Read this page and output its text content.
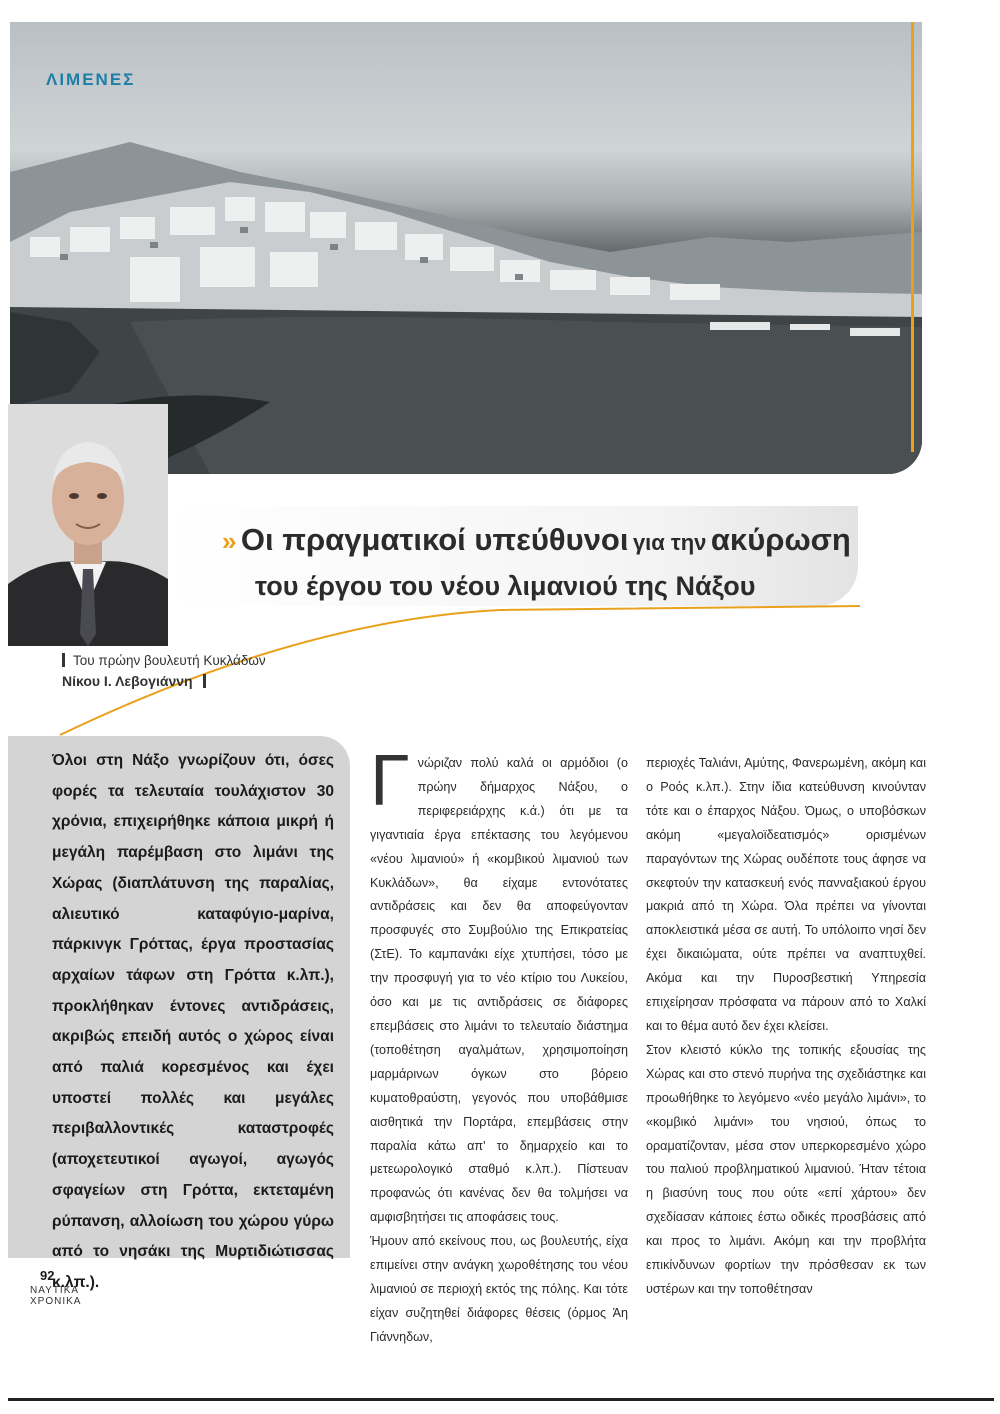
ΛΙΜΕΝΕΣ
» Οι πραγματικοί υπεύθυνοι για την ακύρωση
του έργου του νέου λιμανιού της Νάξου
Του πρώην βουλευτή Κυκλάδων
Νίκου Ι. Λεβογιάννη
Όλοι στη Νάξο γνωρίζουν ότι, όσες φορές τα τελευταία τουλάχιστον 30 χρόνια, επιχειρήθηκε κάποια μικρή ή μεγάλη παρέμβαση στο λιμάνι της Χώρας (διαπλάτυνση της παραλίας, αλιευτικό καταφύγιο-μαρίνα, πάρκινγκ Γρόττας, έργα προστασίας αρχαίων τάφων στη Γρόττα κ.λπ.), προκλήθηκαν έντονες αντιδράσεις, ακριβώς επειδή αυτός ο χώρος είναι από παλιά κορεσμένος και έχει υποστεί πολλές και μεγάλες περιβαλλοντικές καταστροφές (αποχετευτικοί αγωγοί, αγωγός σφαγείων στη Γρόττα, εκτεταμένη ρύπανση, αλλοίωση του χώρου γύρω από το νησάκι της Μυρτιδιώτισσας κ.λπ.).
Γ νώριζαν πολύ καλά οι αρμόδιοι (ο πρώην δήμαρχος Νάξου, ο περιφερειάρχης κ.ά.) ότι με τα γιγαντιαία έργα επέκτασης του λεγόμενου «νέου λιμανιού» ή «κομβικού λιμανιού των Κυκλάδων», θα είχαμε εντονότατες αντιδράσεις και δεν θα αποφεύγονταν προσφυγές στο Συμβούλιο της Επικρατείας (ΣτΕ). Το καμπανάκι είχε χτυπήσει, τόσο με την προσφυγή για το νέο κτίριο του Λυκείου, όσο και με τις αντιδράσεις σε διάφορες επεμβάσεις στο λιμάνι το τελευταίο διάστημα (τοποθέτηση αγαλμάτων, χρησιμοποίηση μαρμάρινων όγκων στο βόρειο κυματοθραύστη, γεγονός που υποβάθμισε αισθητικά την Πορτάρα, επεμβάσεις στην παραλία κάτω απ' το δημαρχείο και το μετεωρολογικό σταθμό κ.λπ.). Πίστευαν προφανώς ότι κανένας δεν θα τολμήσει να αμφισβητήσει τις αποφάσεις τους.

Ήμουν από εκείνους που, ως βουλευτής, είχα επιμείνει στην ανάγκη χωροθέτησης του νέου λιμανιού σε περιοχή εκτός της πόλης. Και τότε είχαν συζητηθεί διάφορες θέσεις (όρμος Άη Γιάννηδων,

περιοχές Ταλιάνι, Αμύτης, Φανερωμένη, ακόμη και ο Ροός κ.λπ.). Στην ίδια κατεύθυνση κινούνταν τότε και ο έπαρχος Νάξου. Όμως, ο υποβόσκων ακόμη «μεγαλοϊδεατισμός» ορισμένων παραγόντων της Χώρας ουδέποτε τους άφησε να σκεφτούν την κατασκευή ενός πανναξιακού έργου μακριά από τη Χώρα. Όλα πρέπει να γίνονται αποκλειστικά μέσα σε αυτή. Το υπόλοιπο νησί δεν έχει δικαιώματα, ούτε πρέπει να αναπτυχθεί. Ακόμα και την Πυροσβεστική Υπηρεσία επιχείρησαν πρόσφατα να πάρουν από το Χαλκί και το θέμα αυτό δεν έχει κλείσει.

Στον κλειστό κύκλο της τοπικής εξουσίας της Χώρας και στο στενό πυρήνα της σχεδιάστηκε και προωθήθηκε το λεγόμενο «νέο μεγάλο λιμάνι», το «κομβικό λιμάνι» του νησιού, όπως το οραματίζονταν, μέσα στον υπερκορεσμένο χώρο του παλιού προβληματικού λιμανιού. Ήταν τέτοια η βιασύνη τους που ούτε «επί χάρτου» δεν σχεδίασαν κάποιες έστω οδικές προσβάσεις από και προς το λιμάνι. Ακόμη και την προβλήτα επικίνδυνων φορτίων την πρόσθεσαν εκ των υστέρων και την τοποθέτησαν

92
ΝΑΥΤΙΚΑ
ΧΡΟΝΙΚΑ
